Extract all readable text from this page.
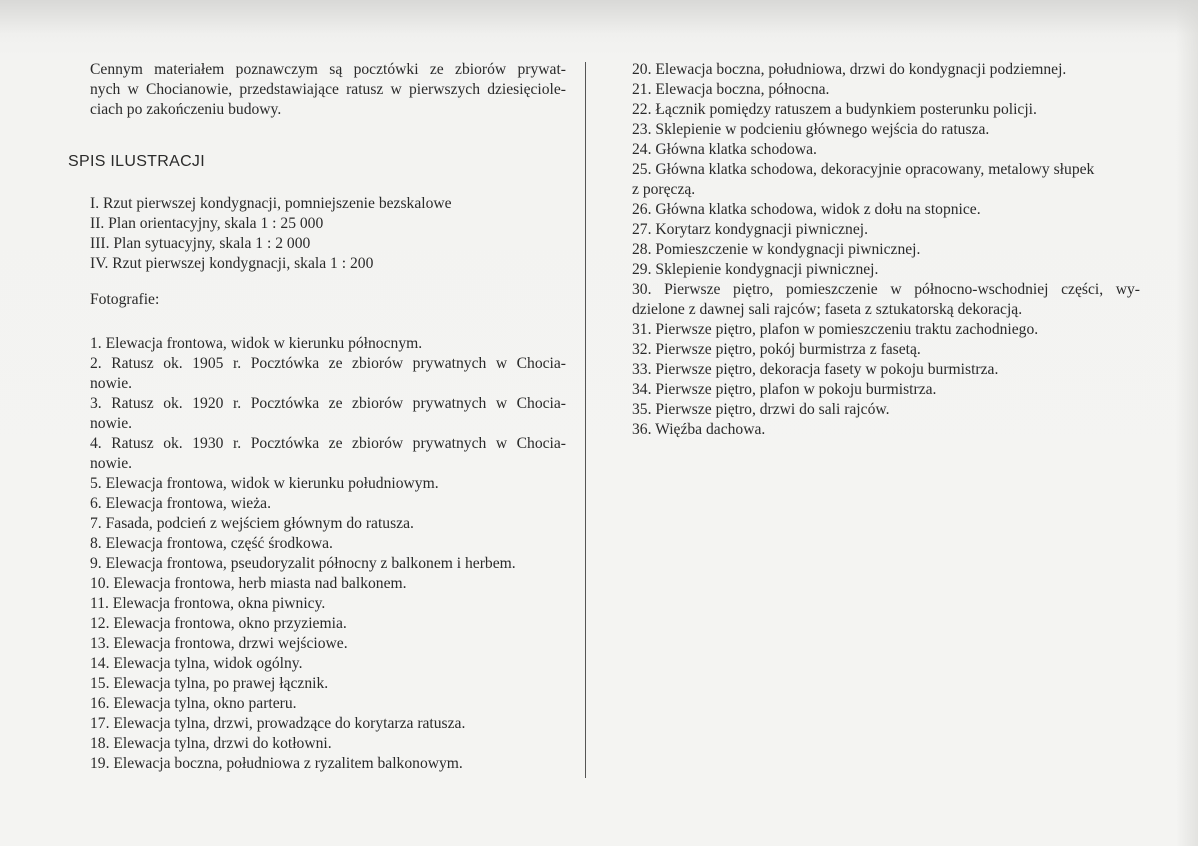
Cennym materiałem poznawczym są pocztówki ze zbiorów prywat-
nych w Chocianowie, przedstawiające ratusz w pierwszych dziesięciole-
ciach po zakończeniu budowy.
SPIS ILUSTRACJI
I. Rzut pierwszej kondygnacji, pomniejszenie bezskalowe
II. Plan orientacyjny, skala 1 : 25 000
III. Plan sytuacyjny, skala 1 : 2 000
IV. Rzut pierwszej kondygnacji, skala 1 : 200
Fotografie:
1. Elewacja frontowa, widok w kierunku północnym.
2. Ratusz ok. 1905 r. Pocztówka ze zbiorów prywatnych w Chocia-
nowie.
3. Ratusz ok. 1920 r. Pocztówka ze zbiorów prywatnych w Chocia-
nowie.
4. Ratusz ok. 1930 r. Pocztówka ze zbiorów prywatnych w Chocia-
nowie.
5. Elewacja frontowa, widok w kierunku południowym.
6. Elewacja frontowa, wieża.
7. Fasada, podcień z wejściem głównym do ratusza.
8. Elewacja frontowa, część środkowa.
9. Elewacja frontowa, pseudoryzalit północny z balkonem i herbem.
10. Elewacja frontowa, herb miasta nad balkonem.
11. Elewacja frontowa, okna piwnicy.
12. Elewacja frontowa, okno przyziemia.
13. Elewacja frontowa, drzwi wejściowe.
14. Elewacja tylna, widok ogólny.
15. Elewacja tylna, po prawej łącznik.
16. Elewacja tylna, okno parteru.
17. Elewacja tylna, drzwi, prowadzące do korytarza ratusza.
18. Elewacja tylna, drzwi do kotłowni.
19. Elewacja boczna, południowa z ryzalitem balkonowym.
20. Elewacja boczna, południowa, drzwi do kondygnacji podziemnej.
21. Elewacja boczna, północna.
22. Łącznik pomiędzy ratuszem a budynkiem posterunku policji.
23. Sklepienie w podcieniu głównego wejścia do ratusza.
24. Główna klatka schodowa.
25. Główna klatka schodowa, dekoracyjnie opracowany, metalowy słupek
z poręczą.
26. Główna klatka schodowa, widok z dołu na stopnice.
27. Korytarz kondygnacji piwnicznej.
28. Pomieszczenie w kondygnacji piwnicznej.
29. Sklepienie kondygnacji piwnicznej.
30. Pierwsze piętro, pomieszczenie w północno-wschodniej części, wy-
dzielone z dawnej sali rajców; faseta z sztukatorską dekoracją.
31. Pierwsze piętro, plafon w pomieszczeniu traktu zachodniego.
32. Pierwsze piętro, pokój burmistrza z fasetą.
33. Pierwsze piętro, dekoracja fasety w pokoju burmistrza.
34. Pierwsze piętro, plafon w pokoju burmistrza.
35. Pierwsze piętro, drzwi do sali rajców.
36. Więźba dachowa.
